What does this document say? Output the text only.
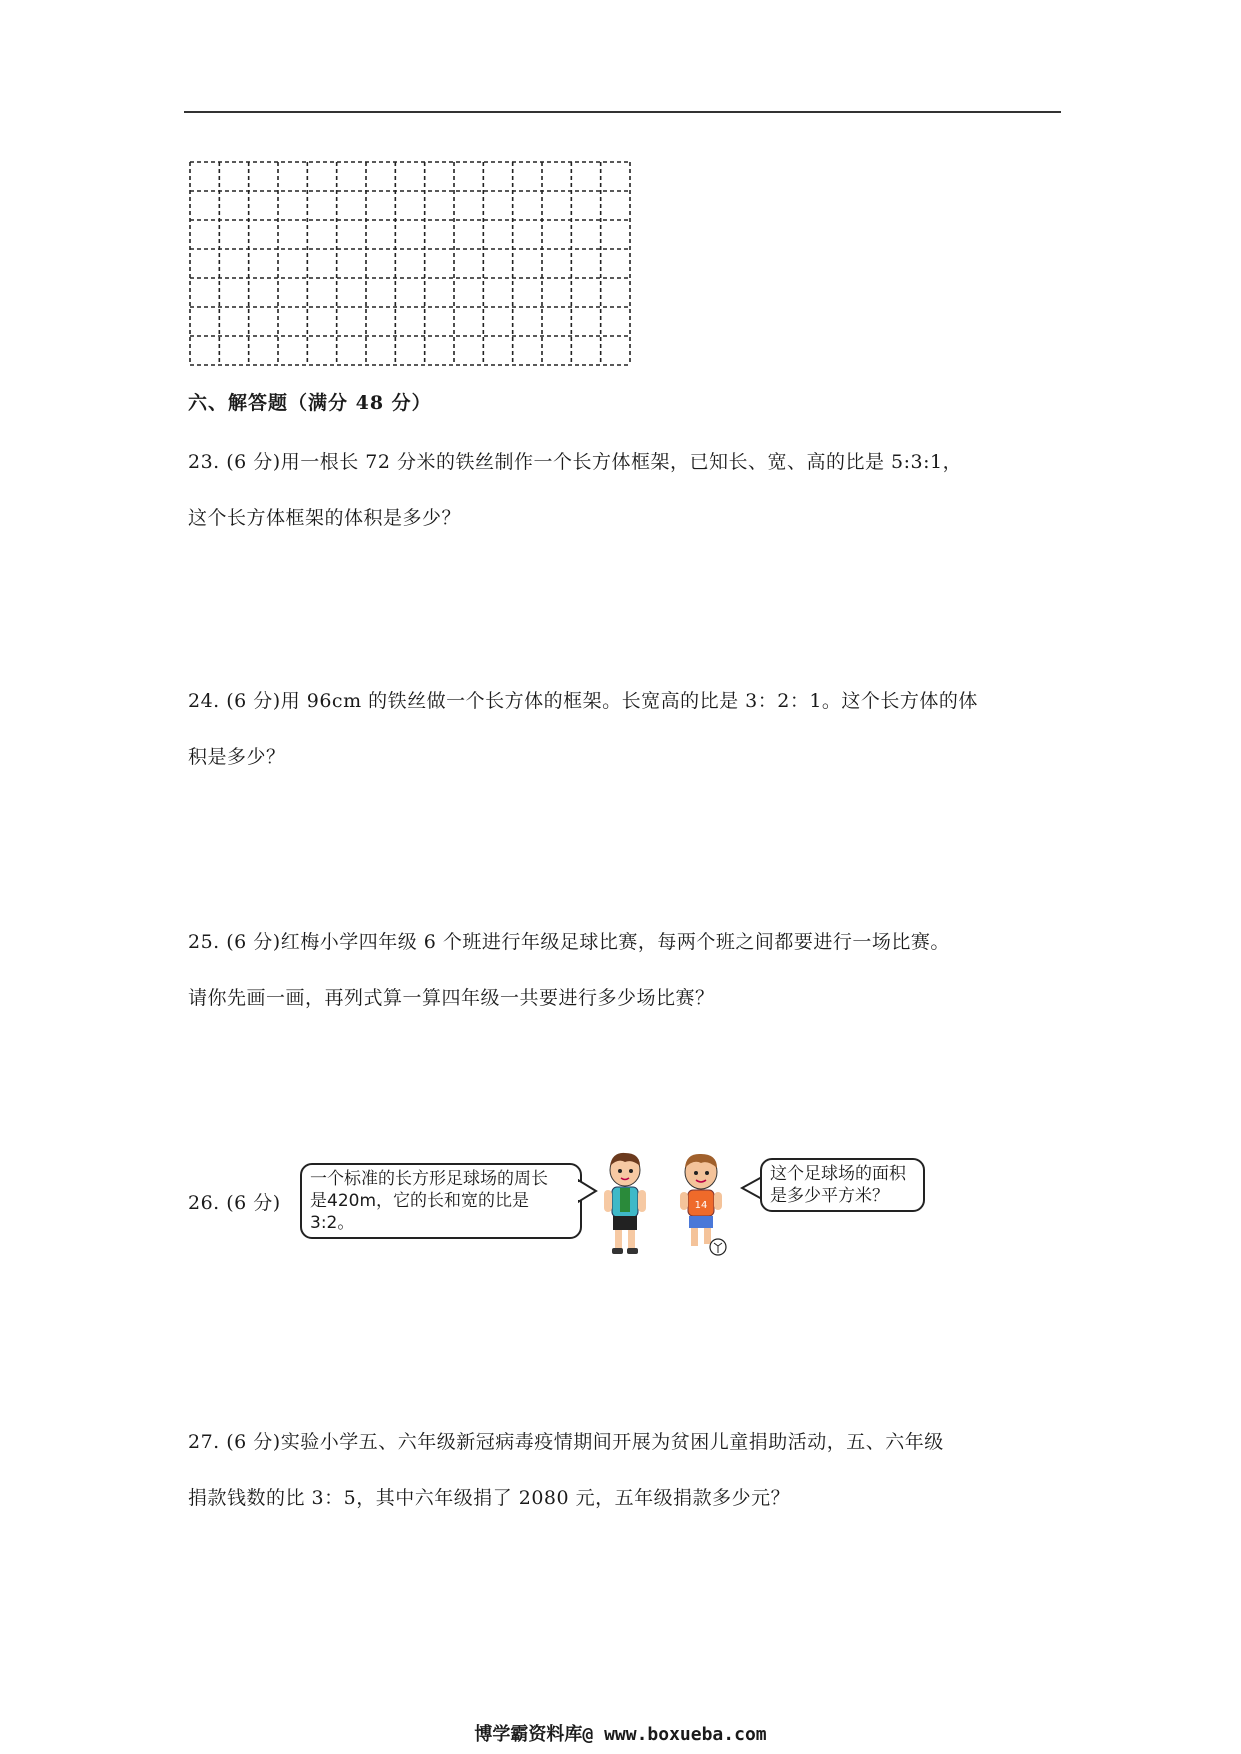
六、解答题（满分 48 分）
23. (6 分)用一根长 72 分米的铁丝制作一个长方体框架，已知长、宽、高的比是 5:3:1，
这个长方体框架的体积是多少？
24. (6 分)用 96cm 的铁丝做一个长方体的框架。长宽高的比是 3：2：1。这个长方体的体
积是多少？
25. (6 分)红梅小学四年级 6 个班进行年级足球比赛，每两个班之间都要进行一场比赛。
请你先画一画，再列式算一算四年级一共要进行多少场比赛？
26. (6 分)
一个标准的长方形足球场的周长
是420m，它的长和宽的比是3:2。
14
这个足球场的面积
是多少平方米？
27. (6 分)实验小学五、六年级新冠病毒疫情期间开展为贫困儿童捐助活动，五、六年级
捐款钱数的比 3：5，其中六年级捐了 2080 元，五年级捐款多少元？
博学霸资料库@ www.boxueba.com
